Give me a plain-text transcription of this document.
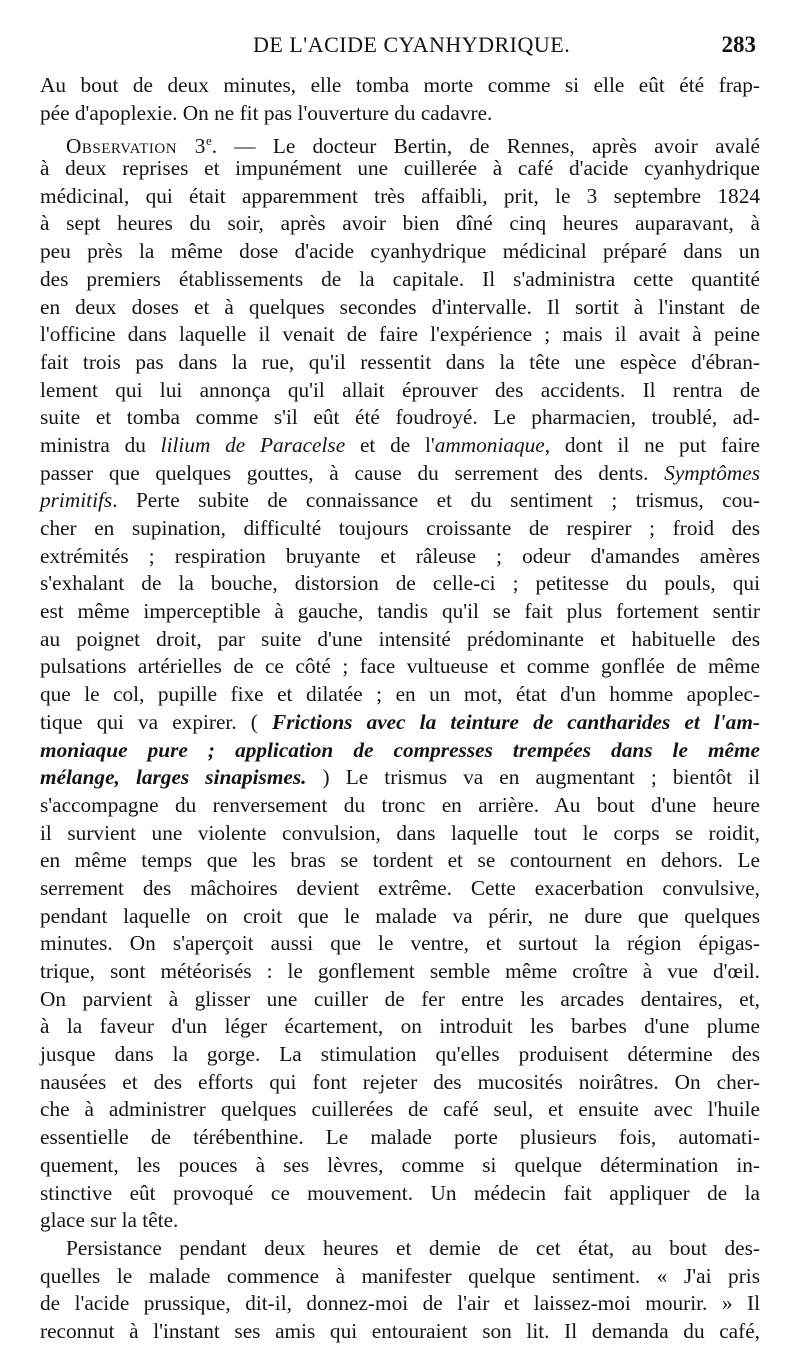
DE L'ACIDE CYANHYDRIQUE.	283
Au bout de deux minutes, elle tomba morte comme si elle eût été frap-
pée d'apoplexie. On ne fit pas l'ouverture du cadavre.
Observation 3e. — Le docteur Bertin, de Rennes, après avoir avalé
à deux reprises et impunément une cuillerée à café d'acide cyanhydrique
médicinal, qui était apparemment très affaibli, prit, le 3 septembre 1824
à sept heures du soir, après avoir bien dîné cinq heures auparavant, à
peu près la même dose d'acide cyanhydrique médicinal préparé dans un
des premiers établissements de la capitale. Il s'administra cette quantité
en deux doses et à quelques secondes d'intervalle. Il sortit à l'instant de
l'officine dans laquelle il venait de faire l'expérience ; mais il avait à peine
fait trois pas dans la rue, qu'il ressentit dans la tête une espèce d'ébran-
lement qui lui annonça qu'il allait éprouver des accidents. Il rentra de
suite et tomba comme s'il eût été foudroyé. Le pharmacien, troublé, ad-
ministra du lilium de Paracelse et de l'ammoniaque, dont il ne put faire
passer que quelques gouttes, à cause du serrement des dents. Symptômes
primitifs. Perte subite de connaissance et du sentiment ; trismus, cou-
cher en supination, difficulté toujours croissante de respirer ; froid des
extrémités ; respiration bruyante et râleuse ; odeur d'amandes amères
s'exhalant de la bouche, distorsion de celle-ci ; petitesse du pouls, qui
est même imperceptible à gauche, tandis qu'il se fait plus fortement sentir
au poignet droit, par suite d'une intensité prédominante et habituelle des
pulsations artérielles de ce côté ; face vultueuse et comme gonflée de même
que le col, pupille fixe et dilatée ; en un mot, état d'un homme apoplec-
tique qui va expirer. ( Frictions avec la teinture de cantharides et l'am-
moniaque pure ; application de compresses trempées dans le même
mélange, larges sinapismes. ) Le trismus va en augmentant ; bientôt il
s'accompagne du renversement du tronc en arrière. Au bout d'une heure
il survient une violente convulsion, dans laquelle tout le corps se roidit,
en même temps que les bras se tordent et se contournent en dehors. Le
serrement des mâchoires devient extrême. Cette exacerbation convulsive,
pendant laquelle on croit que le malade va périr, ne dure que quelques
minutes. On s'aperçoit aussi que le ventre, et surtout la région épigas-
trique, sont météorisés : le gonflement semble même croître à vue d'œil.
On parvient à glisser une cuiller de fer entre les arcades dentaires, et,
à la faveur d'un léger écartement, on introduit les barbes d'une plume
jusque dans la gorge. La stimulation qu'elles produisent détermine des
nausées et des efforts qui font rejeter des mucosités noirâtres. On cher-
che à administrer quelques cuillerées de café seul, et ensuite avec l'huile
essentielle de térébenthine. Le malade porte plusieurs fois, automati-
quement, les pouces à ses lèvres, comme si quelque détermination in-
stinctive eût provoqué ce mouvement. Un médecin fait appliquer de la
glace sur la tête.
Persistance pendant deux heures et demie de cet état, au bout des-
quelles le malade commence à manifester quelque sentiment. « J'ai pris
de l'acide prussique, dit-il, donnez-moi de l'air et laissez-moi mourir. » Il
reconnut à l'instant ses amis qui entouraient son lit. Il demanda du café,
